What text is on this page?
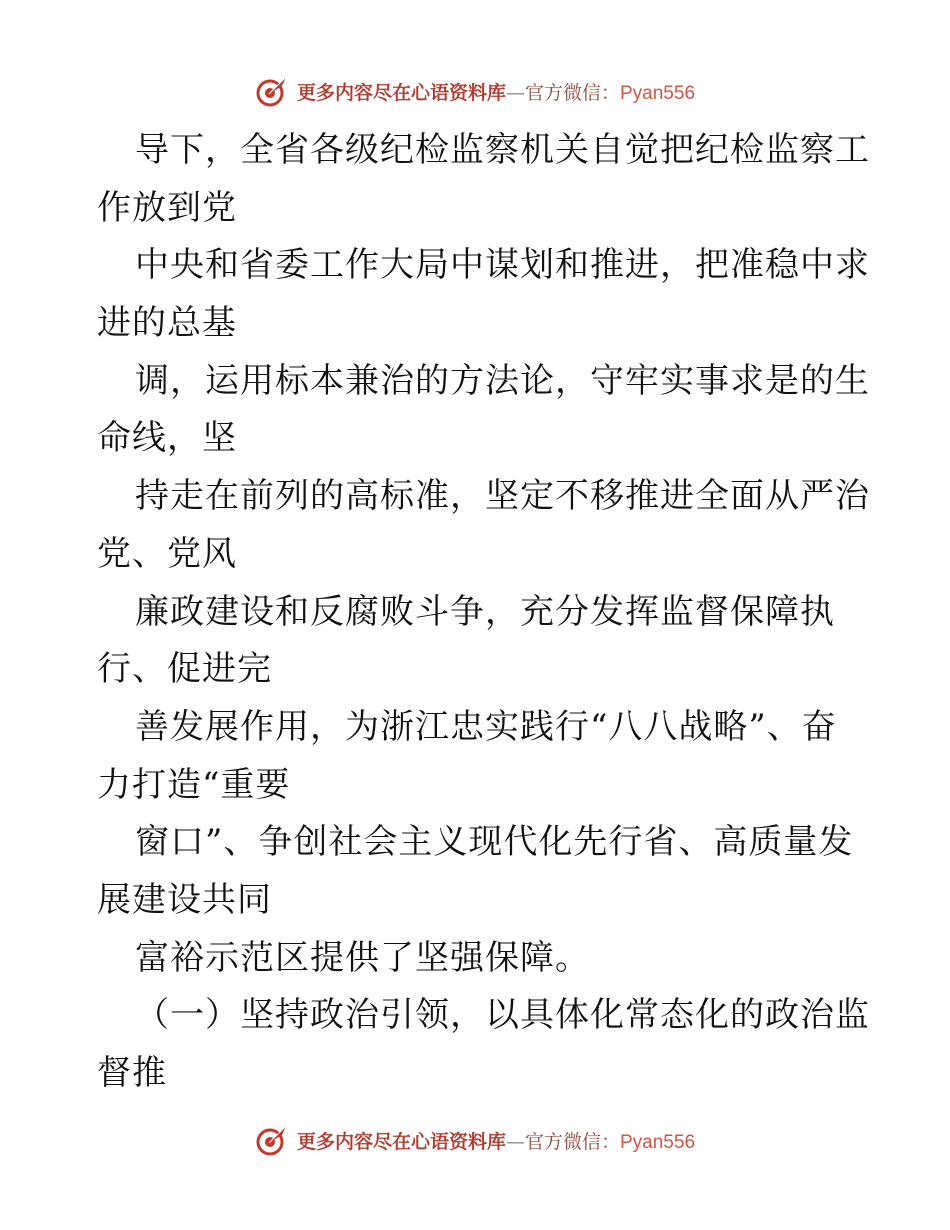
更多内容尽在心语资料库—官方微信：Pyan556
导下，全省各级纪检监察机关自觉把纪检监察工
作放到党
中央和省委工作大局中谋划和推进，把准稳中求
进的总基
调，运用标本兼治的方法论，守牢实事求是的生
命线，坚
持走在前列的高标准，坚定不移推进全面从严治
党、党风
廉政建设和反腐败斗争，充分发挥监督保障执
行、促进完
善发展作用，为浙江忠实践行“八八战略”、奋
力打造“重要
窗口”、争创社会主义现代化先行省、高质量发
展建设共同
富裕示范区提供了坚强保障。
（一）坚持政治引领，以具体化常态化的政治监
督推
更多内容尽在心语资料库—官方微信：Pyan556
